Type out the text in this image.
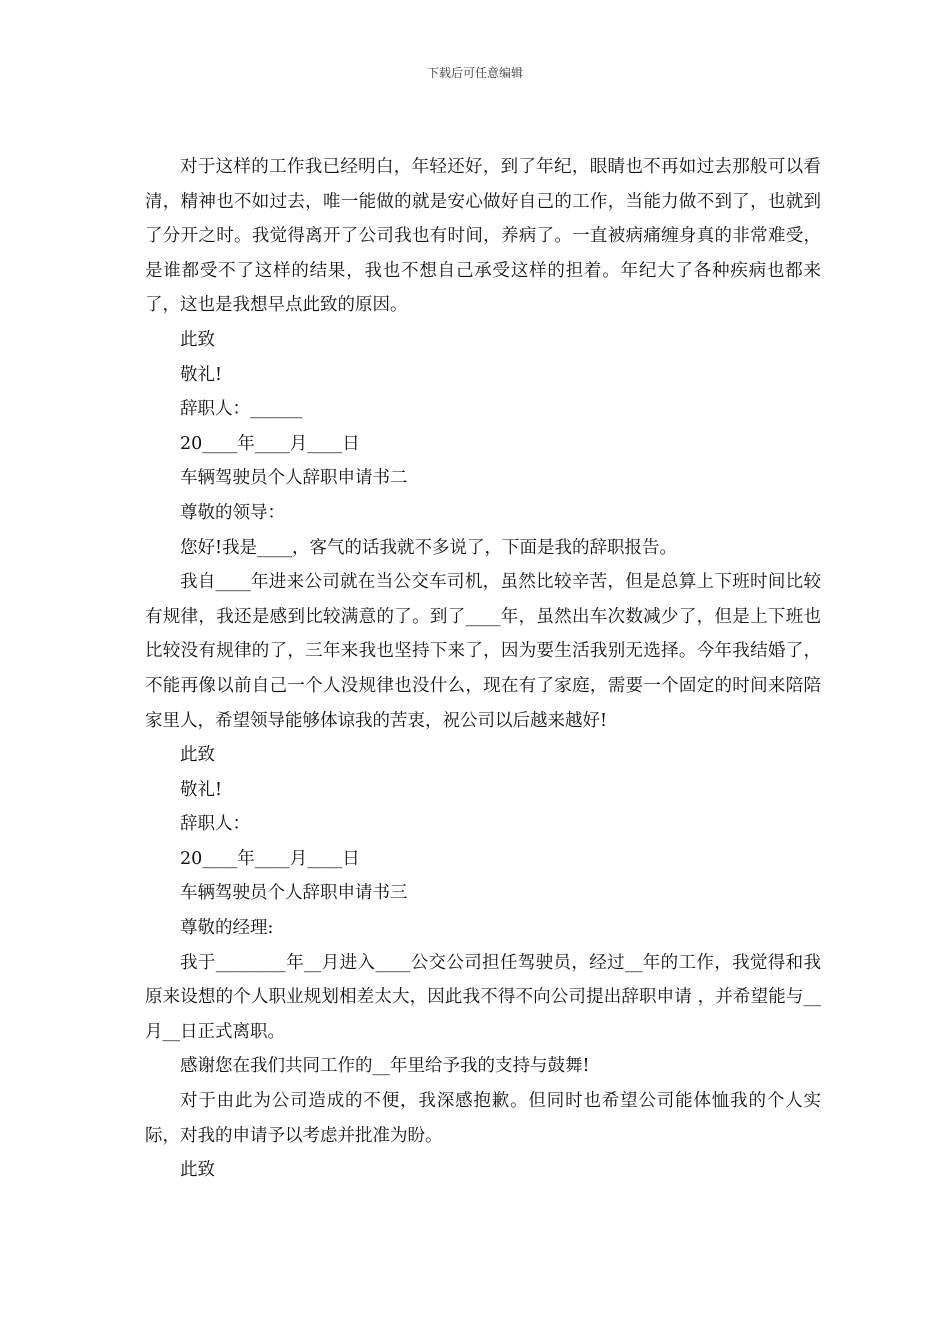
下载后可任意编辑

对于这样的工作我已经明白，年轻还好，到了年纪，眼睛也不再如过去那般可以看清，精神也不如过去，唯一能做的就是安心做好自己的工作，当能力做不到了，也就到了分开之时。我觉得离开了公司我也有时间，养病了。一直被病痛缠身真的非常难受，是谁都受不了这样的结果，我也不想自己承受这样的担着。年纪大了各种疾病也都来了，这也是我想早点此致的原因。

此致

敬礼!

辞职人：______

20____年____月____日

车辆驾驶员个人辞职申请书二

尊敬的领导：

您好!我是____，客气的话我就不多说了，下面是我的辞职报告。

我自____年进来公司就在当公交车司机，虽然比较辛苦，但是总算上下班时间比较有规律，我还是感到比较满意的了。到了____年，虽然出车次数减少了，但是上下班也比较没有规律的了，三年来我也坚持下来了，因为要生活我别无选择。今年我结婚了，不能再像以前自己一个人没规律也没什么，现在有了家庭，需要一个固定的时间来陪陪家里人，希望领导能够体谅我的苦衷，祝公司以后越来越好!

此致

敬礼!

辞职人：

20____年____月____日

车辆驾驶员个人辞职申请书三

尊敬的经理:

我于________年__月进入____公交公司担任驾驶员，经过__年的工作，我觉得和我原来设想的个人职业规划相差太大，因此我不得不向公司提出辞职申请 ，并希望能与__月__日正式离职。

感谢您在我们共同工作的__年里给予我的支持与鼓舞!

对于由此为公司造成的不便，我深感抱歉。但同时也希望公司能体恤我的个人实际，对我的申请予以考虑并批准为盼。

此致
